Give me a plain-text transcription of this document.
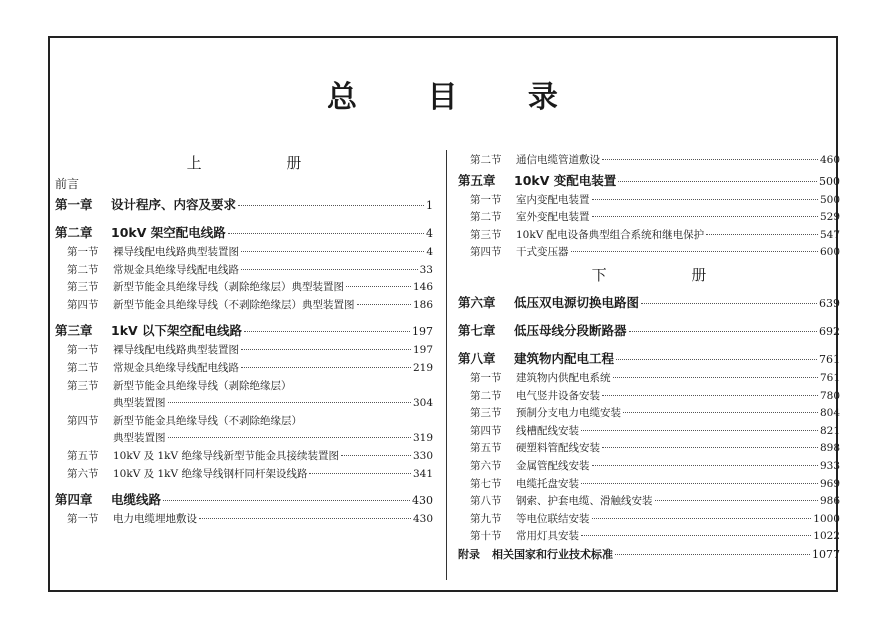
总 目 录
上 册
前言
第一章	设计程序、内容及要求	1
第二章	10kV 架空配电线路	4
第一节	裸导线配电线路典型装置图	4
第二节	常规金具绝缘导线配电线路	33
第三节	新型节能金具绝缘导线（剥除绝缘层）典型装置图	146
第四节	新型节能金具绝缘导线（不剥除绝缘层）典型装置图	186
第三章	1kV 以下架空配电线路	197
第一节	裸导线配电线路典型装置图	197
第二节	常规金具绝缘导线配电线路	219
第三节	新型节能金具绝缘导线（剥除绝缘层）
典型装置图	304
第四节	新型节能金具绝缘导线（不剥除绝缘层）
典型装置图	319
第五节	10kV 及 1kV 绝缘导线新型节能金具接续装置图	330
第六节	10kV 及 1kV 绝缘导线钢杆同杆架设线路	341
第四章	电缆线路	430
第一节	电力电缆埋地敷设	430
第二节	通信电缆管道敷设	460
第五章	10kV 变配电装置	500
第一节	室内变配电装置	500
第二节	室外变配电装置	529
第三节	10kV 配电设备典型组合系统和继电保护	547
第四节	干式变压器	600
下 册
第六章	低压双电源切换电路图	639
第七章	低压母线分段断路器	692
第八章	建筑物内配电工程	761
第一节	建筑物内供配电系统	761
第二节	电气竖井设备安装	780
第三节	预制分支电力电缆安装	804
第四节	线槽配线安装	821
第五节	硬塑料管配线安装	898
第六节	金属管配线安装	933
第七节	电缆托盘安装	969
第八节	钢索、护套电缆、滑触线安装	986
第九节	等电位联结安装	1000
第十节	常用灯具安装	1022
附录	相关国家和行业技术标准	1077
